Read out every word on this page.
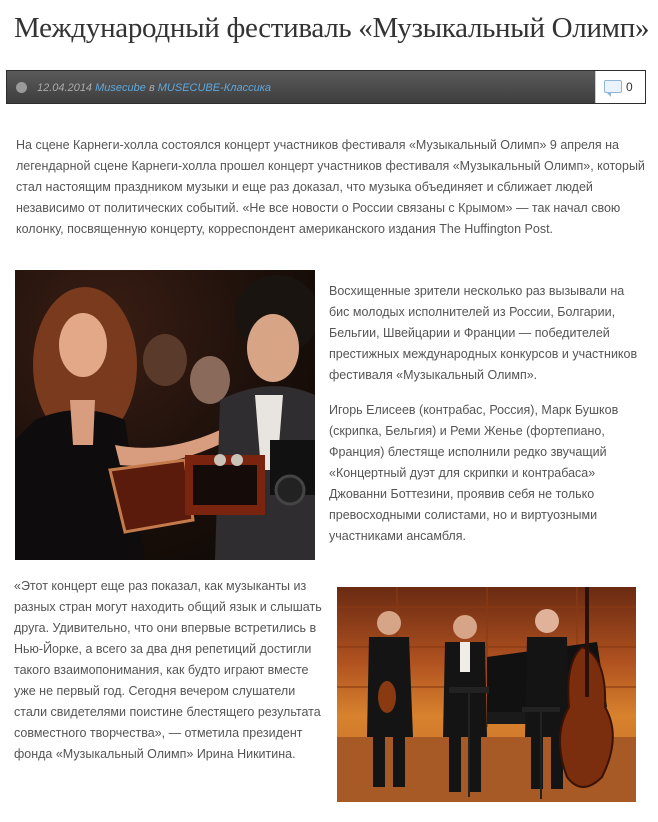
Международный фестиваль «Музыкальный Олимп»
12.04.2014 Musecube в MUSECUBE-Классика	0

На сцене Карнеги-холла состоялся концерт участников фестиваля «Музыкальный Олимп» 9 апреля на легендарной сцене Карнеги-холла прошел концерт участников фестиваля «Музыкальный Олимп», который стал настоящим праздником музыки и еще раз доказал, что музыка объединяет и сближает людей независимо от политических событий. «Не все новости о России связаны с Крымом» — так начал свою колонку, посвященную концерту, корреспондент американского издания The Huffington Post.

Восхищенные зрители несколько раз вызывали на бис молодых исполнителей из России, Болгарии, Бельгии, Швейцарии и Франции — победителей престижных международных конкурсов и участников фестиваля «Музыкальный Олимп».

Игорь Елисеев (контрабас, Россия), Марк Бушков (скрипка, Бельгия) и Реми Женье (фортепиано, Франция) блестяще исполнили редко звучащий «Концертный дуэт для скрипки и контрабаса» Джованни Боттезини, проявив себя не только превосходными солистами, но и виртуозными участниками ансамбля.

«Этот концерт еще раз показал, как музыканты из разных стран могут находить общий язык и слышать друга. Удивительно, что они впервые встретились в Нью-Йорке, а всего за два дня репетиций достигли такого взаимопонимания, как будто играют вместе уже не первый год. Сегодня вечером слушатели стали свидетелями поистине блестящего результата совместного творчества», — отметила президент фонда «Музыкальный Олимп» Ирина Никитина.
